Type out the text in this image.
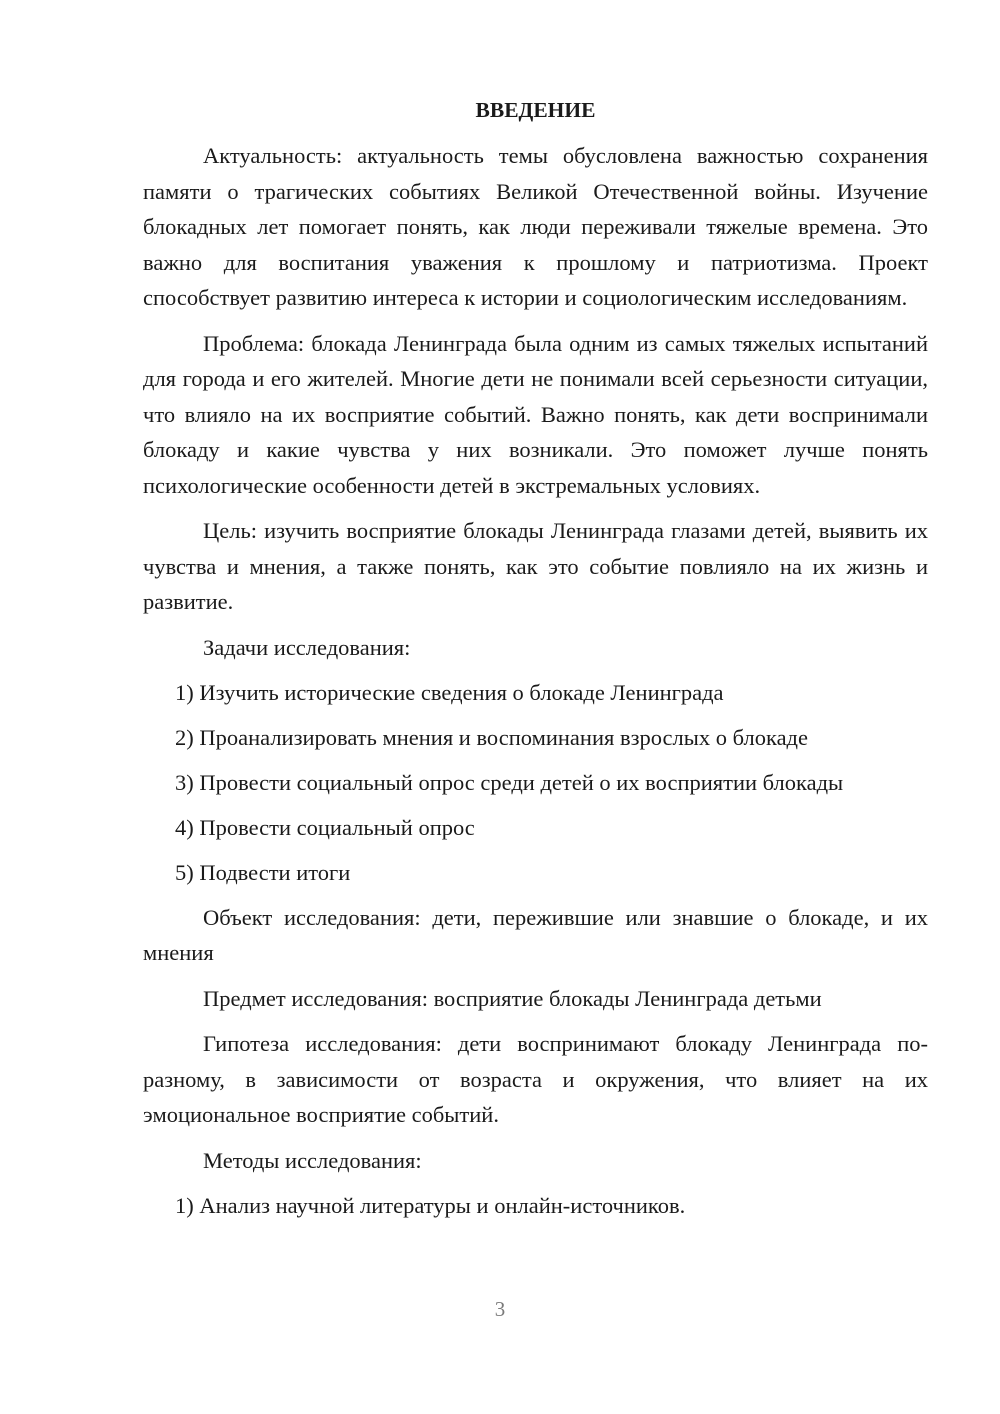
ВВЕДЕНИЕ

Актуальность: актуальность темы обусловлена важностью сохранения памяти о трагических событиях Великой Отечественной войны. Изучение блокадных лет помогает понять, как люди переживали тяжелые времена. Это важно для воспитания уважения к прошлому и патриотизма. Проект способствует развитию интереса к истории и социологическим исследованиям.

Проблема: блокада Ленинграда была одним из самых тяжелых испытаний для города и его жителей. Многие дети не понимали всей серьезности ситуации, что влияло на их восприятие событий. Важно понять, как дети воспринимали блокаду и какие чувства у них возникали. Это поможет лучше понять психологические особенности детей в экстремальных условиях.

Цель: изучить восприятие блокады Ленинграда глазами детей, выявить их чувства и мнения, а также понять, как это событие повлияло на их жизнь и развитие.

Задачи исследования:

1) Изучить исторические сведения о блокаде Ленинграда

2) Проанализировать мнения и воспоминания взрослых о блокаде

3) Провести социальный опрос среди детей о их восприятии блокады

4) Провести социальный опрос

5) Подвести итоги

Объект исследования: дети, пережившие или знавшие о блокаде, и их мнения

Предмет исследования: восприятие блокады Ленинграда детьми

Гипотеза исследования: дети воспринимают блокаду Ленинграда по-разному, в зависимости от возраста и окружения, что влияет на их эмоциональное восприятие событий.

Методы исследования:

1) Анализ научной литературы и онлайн-источников.

3
